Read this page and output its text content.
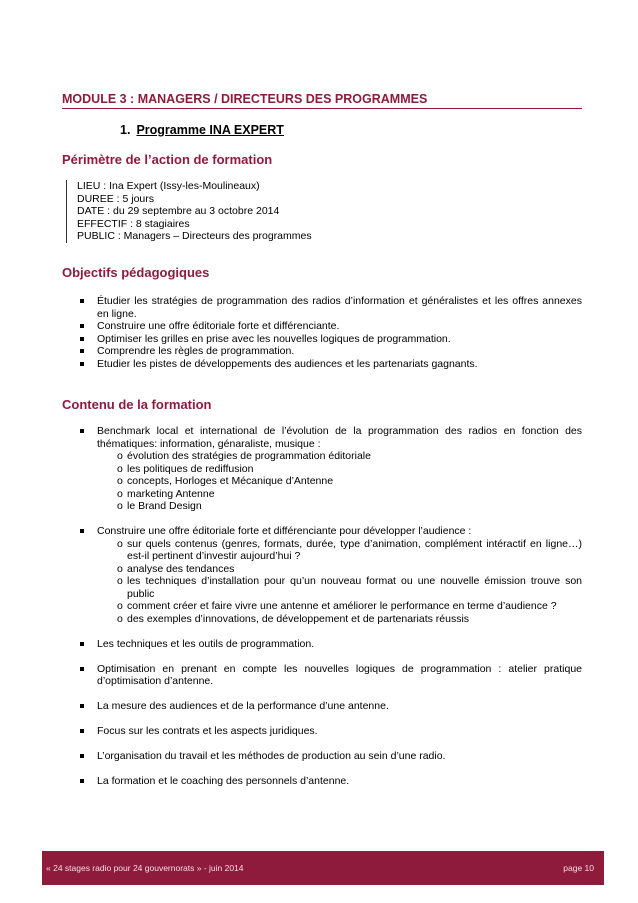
MODULE 3 : MANAGERS / DIRECTEURS DES PROGRAMMES
1. Programme INA EXPERT
Périmètre de l’action de formation
LIEU : Ina Expert (Issy-les-Moulineaux)
DUREE : 5 jours
DATE : du 29 septembre au 3 octobre 2014
EFFECTIF : 8 stagiaires
PUBLIC : Managers – Directeurs des programmes
Objectifs pédagogiques
Étudier les stratégies de programmation des radios d’information et généralistes et les offres annexes en ligne.
Construire une offre éditoriale forte et différenciante.
Optimiser les grilles en prise avec les nouvelles logiques de programmation.
Comprendre les règles de programmation.
Etudier les pistes de développements des audiences et les partenariats gagnants.
Contenu de la formation
Benchmark local et international de l’évolution de la programmation des radios en fonction des thématiques: information, génaraliste, musique :
o évolution des stratégies de programmation éditoriale
o les politiques de rediffusion
o concepts, Horloges et Mécanique d’Antenne
o marketing Antenne
o le Brand Design
Construire une offre éditoriale forte et différenciante pour développer l’audience :
o sur quels contenus (genres, formats, durée, type d’animation, complément intéractif en ligne…) est-il pertinent d’investir aujourd’hui ?
o analyse des tendances
o les techniques d’installation pour qu’un nouveau format ou une nouvelle émission trouve son public
o comment créer et faire vivre une antenne et améliorer le performance en terme d’audience ?
o des exemples d’innovations, de développement et de partenariats réussis
Les techniques et les outils de programmation.
Optimisation en prenant en compte les nouvelles logiques de programmation : atelier pratique d’optimisation d’antenne.
La mesure des audiences et de la performance d’une antenne.
Focus sur les contrats et les aspects juridiques.
L’organisation du travail et les méthodes de production au sein d’une radio.
La formation et le coaching des personnels d’antenne.
« 24 stages radio pour 24 gouvernorats » - juin 2014	page 10
